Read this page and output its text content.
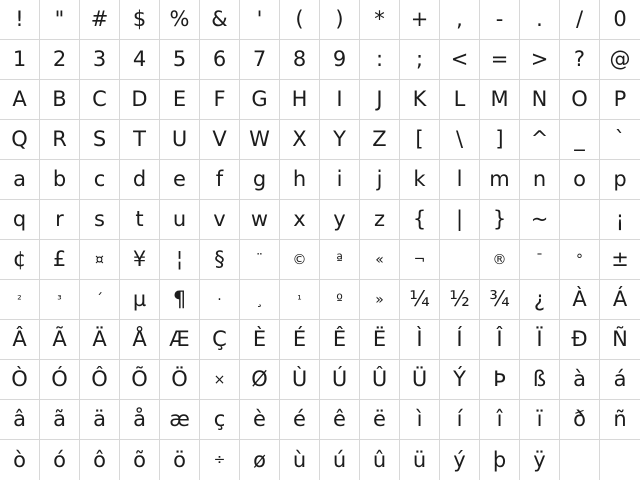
! " # $ % & ' ( ) * + , - . / 0
1 2 3 4 5 6 7 8 9 : ; < = > ? @
A B C D E F G H I J K L M N O P
Q R S T U V W X Y Z [ \ ] ^ _ `
a b c d e f g h i j k l m n o p
q r s t u v w x y z { | } ~	¡
¢ £ ¤ ¥ ¦ § ¨ © ª « ¬	® ¯ ° ±
²	³ ´ µ ¶ · ¸	¹ º » ¼ ½ ¾ ¿ À Á
Â Ã Ä Å Æ Ç È É Ê Ë Ì Í Î Ï Ð Ñ
Ò Ó Ô Õ Ö × Ø Ù Ú Û Ü Ý Þ ß à á
â ã ä å æ ç è é ê ë ì í î ï ð ñ
ò ó ô õ ö ÷ ø ù ú û ü ý þ ÿ
